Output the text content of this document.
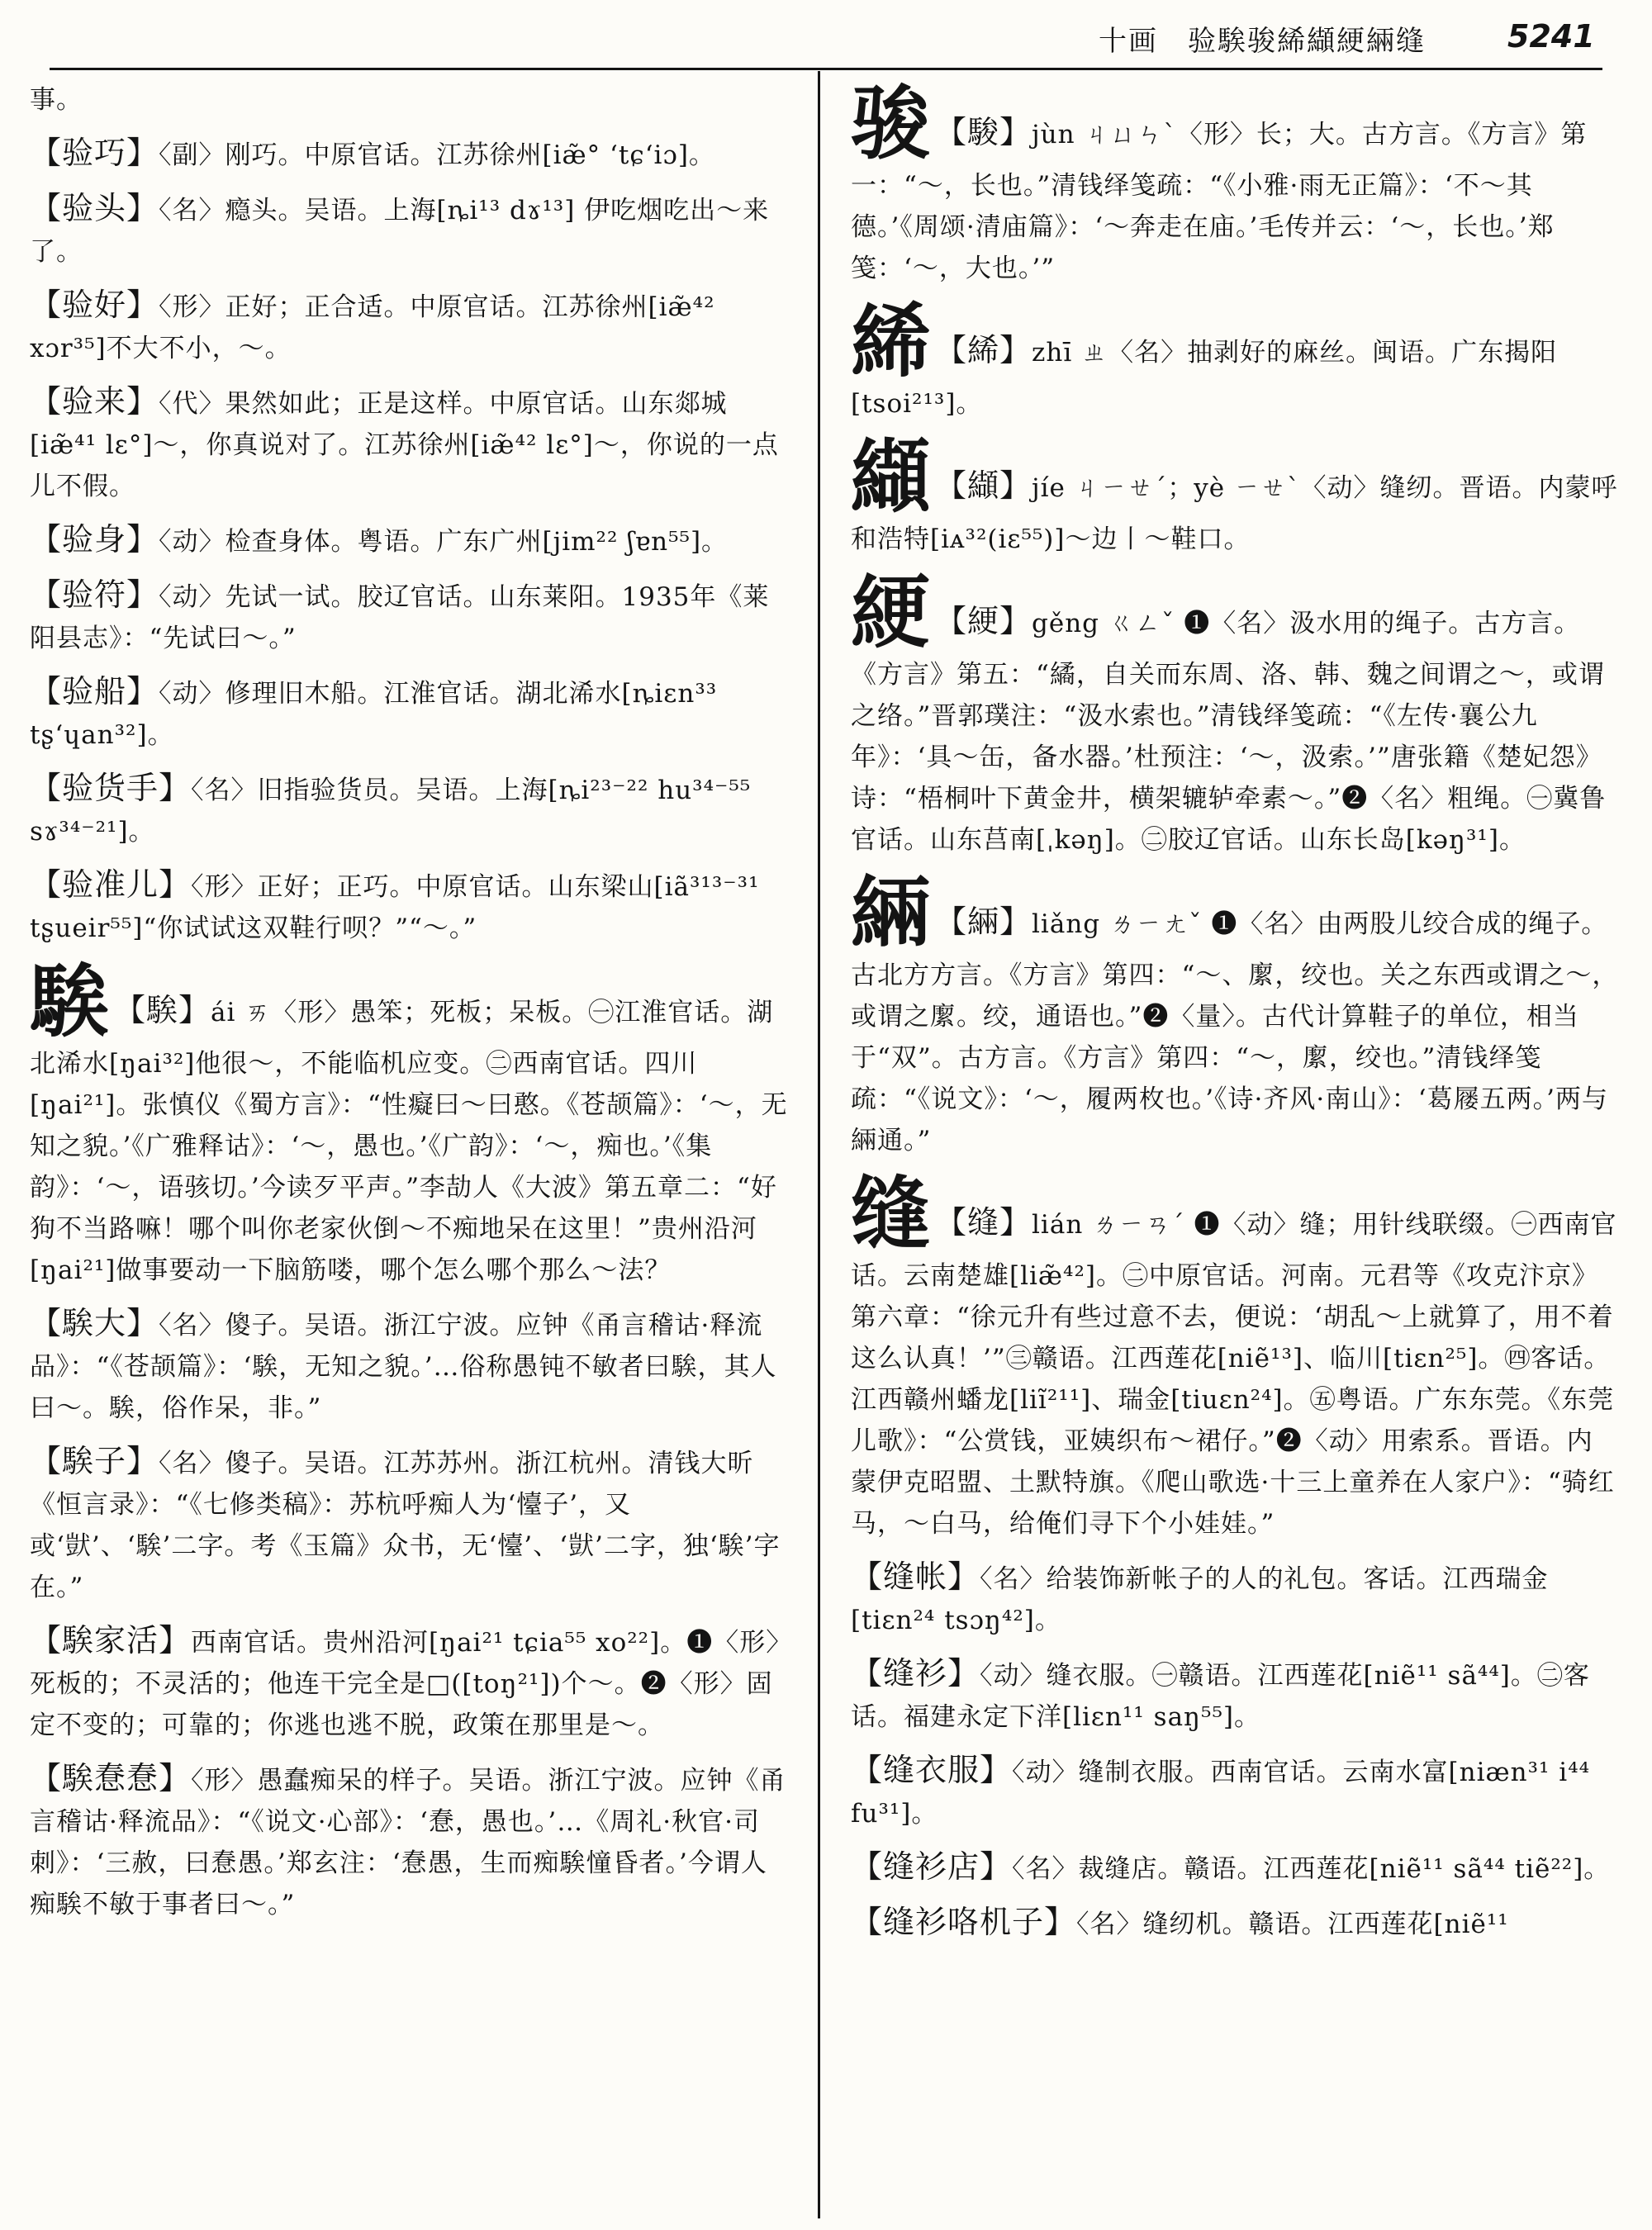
十画　验騃骏絺纈綆緉缝	5241
事。
【验巧】〈副〉刚巧。中原官话。江苏徐州[iæ̃° ʻtɕʻiɔ]。
【验头】〈名〉瘾头。吴语。上海[ȵi¹³ dɤ¹³] 伊吃烟吃出～来了。
【验好】〈形〉正好；正合适。中原官话。江苏徐州[iæ̃⁴² xɔr³⁵]不大不小，～。
【验来】〈代〉果然如此；正是这样。中原官话。山东郯城[iæ̃⁴¹ lε°]～，你真说对了。江苏徐州[iæ̃⁴² lε°]～，你说的一点儿不假。
【验身】〈动〉检查身体。粤语。广东广州[jim²² ʃɐn⁵⁵]。
【验符】〈动〉先试一试。胶辽官话。山东莱阳。1935年《莱阳县志》：“先试曰～。”
【验船】〈动〉修理旧木船。江淮官话。湖北浠水[ȵiɛn³³ tʂʻɥan³²]。
【验货手】〈名〉旧指验货员。吴语。上海[ȵi²³⁻²² hu³⁴⁻⁵⁵ sɤ³⁴⁻²¹]。
【验准儿】〈形〉正好；正巧。中原官话。山东梁山[iã³¹³⁻³¹ tʂueir⁵⁵]“你试试这双鞋行呗？”“～。”
騃 【騃】ái ㄞ〈形〉愚笨；死板；呆板。㊀江淮官话。湖北浠水[ŋai³²]他很～，不能临机应变。㊁西南官话。四川[ŋai²¹]。张慎仪《蜀方言》：“性癡曰～曰憨。《苍颉篇》：‘～，无知之貌。’《广雅释诂》：‘～，愚也。’《广韵》：‘～，痴也。’《集韵》：‘～，语骇切。’今读歹平声。”李劼人《大波》第五章二：“好狗不当路嘛！哪个叫你老家伙倒～不痴地呆在这里！”贵州沿河[ŋai²¹]做事要动一下脑筋喽，哪个怎么哪个那么～法？
【騃大】〈名〉傻子。吴语。浙江宁波。应钟《甬言稽诂·释流品》：“《苍颉篇》：‘騃，无知之貌。’…俗称愚钝不敏者曰騃，其人曰～。騃，俗作呆，非。”
【騃子】〈名〉傻子。吴语。江苏苏州。浙江杭州。清钱大昕《恒言录》：“《七修类稿》：苏杭呼痴人为‘懛子’，又或‘獃’、‘騃’二字。考《玉篇》众书，无‘懛’、‘獃’二字，独‘騃’字在。”
【騃家活】西南官话。贵州沿河[ŋai²¹ tɕia⁵⁵ xo²²]。❶〈形〉死板的；不灵活的；他连干完全是□([toŋ²¹])个～。❷〈形〉固定不变的；可靠的；你逃也逃不脱，政策在那里是～。
【騃惷惷】〈形〉愚蠢痴呆的样子。吴语。浙江宁波。应钟《甬言稽诂·释流品》：“《说文·心部》：‘惷，愚也。’…《周礼·秋官·司刺》：‘三赦，曰惷愚。’郑玄注：‘惷愚，生而痴騃憧昏者。’今谓人痴騃不敏于事者曰～。”
骏 【駿】jùn ㄐㄩㄣˋ〈形〉长；大。古方言。《方言》第一：“～，长也。”清钱绎笺疏：“《小雅·雨无正篇》：‘不～其德。’《周颂·清庙篇》：‘～奔走在庙。’毛传并云：‘～，长也。’郑笺：‘～，大也。’”
絺 【絺】zhī ㄓ〈名〉抽剥好的麻丝。闽语。广东揭阳[tsoi²¹³]。
纈 【纈】jíe ㄐㄧㄝˊ；yè ㄧㄝˋ〈动〉缝纫。晋语。内蒙呼和浩特[iᴀ³²(iε⁵⁵)]～边丨～鞋口。
綆 【綆】gěng ㄍㄥˇ ❶〈名〉汲水用的绳子。古方言。《方言》第五：“繘，自关而东周、洛、韩、魏之间谓之～，或谓之络。”晋郭璞注：“汲水索也。”清钱绎笺疏：“《左传·襄公九年》：‘具～缶，备水器。’杜预注：‘～，汲索。’”唐张籍《楚妃怨》诗：“梧桐叶下黄金井，横架辘轳牵素～。”❷〈名〉粗绳。㊀冀鲁官话。山东莒南[ˌkəŋ]。㊁胶辽官话。山东长岛[kəŋ³¹]。
緉 【緉】liǎng ㄌㄧㄤˇ ❶〈名〉由两股儿绞合成的绳子。古北方方言。《方言》第四：“～、緳，绞也。关之东西或谓之～，或谓之緳。绞，通语也。”❷〈量〉。古代计算鞋子的单位，相当于“双”。古方言。《方言》第四：“～，緳，绞也。”清钱绎笺疏：“《说文》：‘～，履两枚也。’《诗·齐风·南山》：‘葛屦五两。’两与緉通。”
缝 【缝】lián ㄌㄧㄢˊ ❶〈动〉缝；用针线联缀。㊀西南官话。云南楚雄[liæ̃⁴²]。㊁中原官话。河南。元君等《攻克汴京》第六章：“徐元升有些过意不去，便说：‘胡乱～上就算了，用不着这么认真！’”㊂赣语。江西莲花[niẽ¹³]、临川[tiεn²⁵]。㊃客话。江西赣州蟠龙[liĩ²¹¹]、瑞金[tiuεn²⁴]。㊄粤语。广东东莞。《东莞儿歌》：“公赏钱，亚姨织布～裙仔。”❷〈动〉用索系。晋语。内蒙伊克昭盟、土默特旗。《爬山歌选·十三上童养在人家户》：“骑红马，～白马，给俺们寻下个小娃娃。”
【缝帐】〈名〉给装饰新帐子的人的礼包。客话。江西瑞金[tiεn²⁴ tsɔŋ⁴²]。
【缝衫】〈动〉缝衣服。㊀赣语。江西莲花[niẽ¹¹ sã⁴⁴]。㊁客话。福建永定下洋[liεn¹¹ saŋ⁵⁵]。
【缝衣服】〈动〉缝制衣服。西南官话。云南水富[niæn³¹ i⁴⁴ fu³¹]。
【缝衫店】〈名〉裁缝店。赣语。江西莲花[niẽ¹¹ sã⁴⁴ tiẽ²²]。
【缝衫咯机子】〈名〉缝纫机。赣语。江西莲花[niẽ¹¹
